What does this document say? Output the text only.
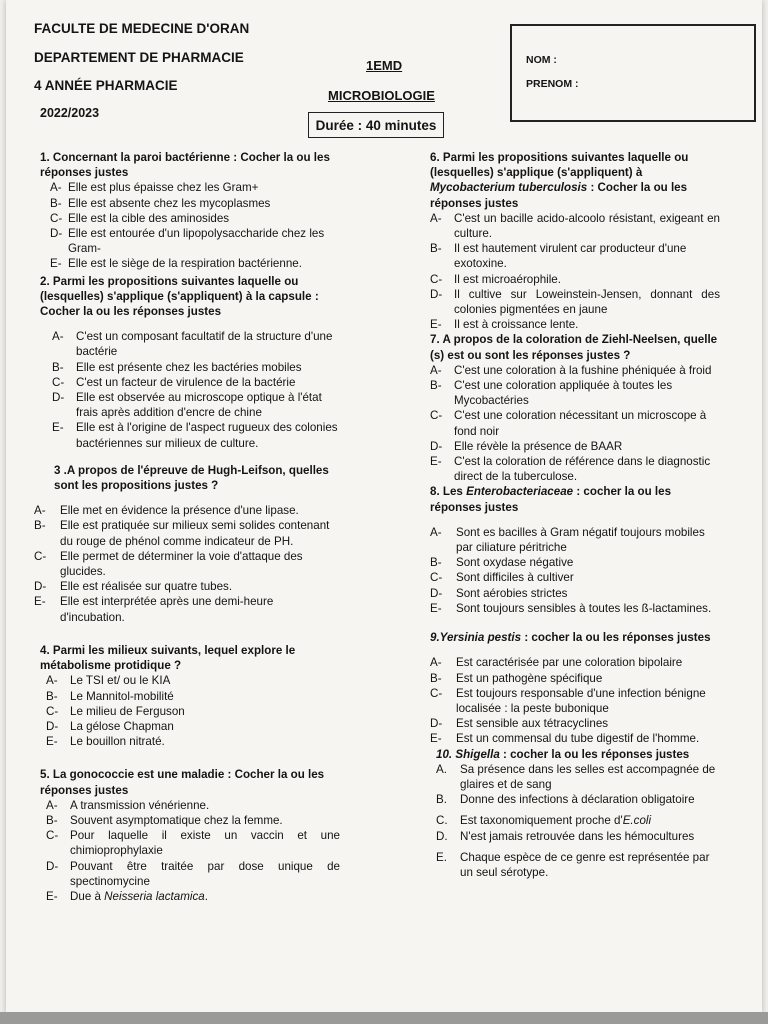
FACULTE DE MEDECINE D'ORAN
DEPARTEMENT DE PHARMACIE
4 ANNÉE PHARMACIE
2022/2023
1EMD
MICROBIOLOGIE
Durée : 40 minutes
NOM :
PRENOM :

1. Concernant la paroi bactérienne : Cocher la ou les réponses justes

A- Elle est plus épaisse chez les Gram+
B- Elle est absente chez les mycoplasmes
C- Elle est la cible des aminosides
D- Elle est entourée d'un lipopolysaccharide chez les Gram-
E- Elle est le siège de la respiration bactérienne.

2. Parmi les propositions suivantes laquelle ou (lesquelles) s'applique (s'appliquent) à la capsule : Cocher la ou les réponses justes

A-	C'est un composant facultatif de la structure d'une bactérie
B-	Elle est présente chez les bactéries mobiles
C-	C'est un facteur de virulence de la bactérie
D-	Elle est observée au microscope optique à l'état frais après addition d'encre de chine
E-	Elle est à l'origine de l'aspect rugueux des colonies bactériennes sur milieux de culture.

3 .A propos de l'épreuve de Hugh-Leifson, quelles sont les propositions justes ?

A-	Elle met en évidence la présence d'une lipase.
B-	Elle est pratiquée sur milieux semi solides contenant du rouge de phénol comme indicateur de PH.
C-	Elle permet de déterminer la voie d'attaque des glucides.
D-	Elle est réalisée sur quatre tubes.
E-	Elle est interprétée après une demi-heure d'incubation.

4. Parmi les milieux suivants, lequel explore le métabolisme protidique ?

A-	Le TSI et/ ou le KIA
B-	Le Mannitol-mobilité
C-	Le milieu de Ferguson
D-	La gélose Chapman
E-	Le bouillon nitraté.

5. La gonococcie est une maladie : Cocher la ou les réponses justes

A-	A transmission vénérienne.
B-	Souvent asymptomatique chez la femme.
C-	Pour laquelle il existe un vaccin et une chimioprophylaxie
D-	Pouvant être traitée par dose unique de spectinomycine
E-	Due à Neisseria lactamica.

6. Parmi les propositions suivantes laquelle ou (lesquelles) s'applique (s'appliquent) à Mycobacterium tuberculosis : Cocher la ou les réponses justes

A-	C'est un bacille acido-alcoolo résistant, exigeant en culture.
B-	Il est hautement virulent car producteur d'une exotoxine.
C-	Il est microaérophile.
D-	Il cultive sur Loweinstein-Jensen, donnant des colonies pigmentées en jaune
E-	Il est à croissance lente.

7. A propos de la coloration de Ziehl-Neelsen, quelle (s) est ou sont les réponses justes ?

A-	C'est une coloration à la fushine phéniquée à froid
B-	C'est une coloration appliquée à toutes les Mycobactéries
C-	C'est une coloration nécessitant un microscope à fond noir
D-	Elle révèle la présence de BAAR
E-	C'est la coloration de référence dans le diagnostic direct de la tuberculose.

8. Les Enterobacteriaceae : cocher la ou les réponses justes

A-	Sont es bacilles à Gram négatif toujours mobiles par ciliature péritriche
B-	Sont oxydase négative
C-	Sont difficiles à cultiver
D-	Sont aérobies strictes
E-	Sont toujours sensibles à toutes les ß-lactamines.

9.Yersinia pestis : cocher la ou les réponses justes

A-	Est caractérisée par une coloration bipolaire
B-	Est un pathogène spécifique
C-	Est toujours responsable d'une infection bénigne localisée : la peste bubonique
D-	Est sensible aux tétracyclines
E-	Est un commensal du tube digestif de l'homme.

10. Shigella : cocher la ou les réponses justes

A.	Sa présence dans les selles est accompagnée de glaires et de sang
B.	Donne des infections à déclaration obligatoire
C.	Est taxonomiquement proche d'E.coli
D.	N'est jamais retrouvée dans les hémocultures
E.	Chaque espèce de ce genre est représentée par un seul sérotype.
